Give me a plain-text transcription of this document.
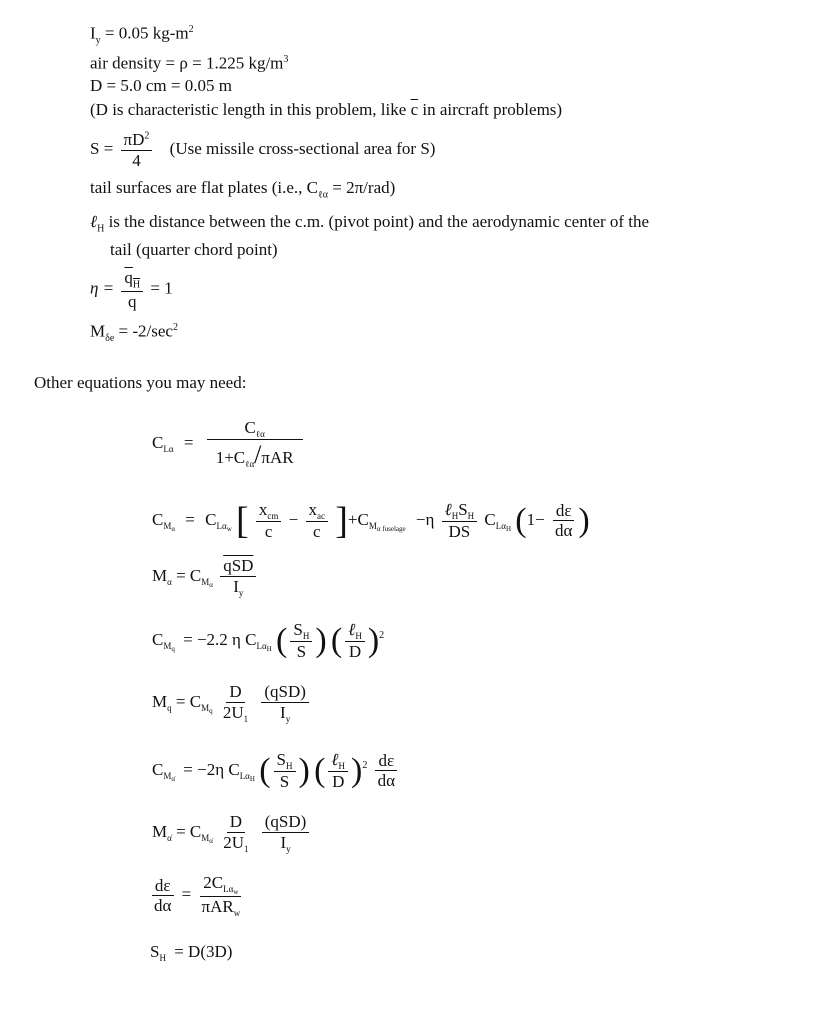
$I_y = 0.05$ $kg-m^2$
air density = ρ = 1.225 $kg/m^3$
D = 5.0 cm = 0.05 m
(D is characteristic length in this problem, like $\overline{c}$ in aircraft problems)
$S = \frac{\pi D^2}{4} (Use$ missile cross-sectional area for S)
tail surfaces are flat plates (i.e., $C_{\ell\alpha} = 2\pi/rad$)
ℓ$_H$ is the distance between the c.m. (pivot point) and the aerodynamic center of the
tail (quarter chord point)
$\eta = \frac{q_H}{q} = 1$
$M_{\delta e} = -2/\sec^2$
Other equations you may need:
$C_{L\alpha} = \frac{C_{\ell\alpha}}{1+C_{\ell\alpha}/\pi AR}$
$C_{M\alpha} = C_{L\alpha w}$ [ $\frac{x_{cm}}{c} - \frac{x_{ac}}{c} ]+C_{M\alpha fuselage} -\eta \frac{\ell_HS_H}{DS} C_{L\alpha H}$ ($1- \frac{d\varepsilon}{d\alpha}$ )
$M_\alpha = C_{M\alpha} \frac{\overline{qSD}}{I_y}$
$C_{Mq} = -2.2$ η $C_{L\alpha H}$ ( $\frac{S_H}{S}$ ) ( $\frac{\ell_H}{D} )^2$
$M_q = C_{Mq} \frac{D}{2U_1}$
$\frac{\text{(qSD)}}{I_y}$
$C_{M\alphȧ} = -2\eta$ $C_{L\alpha H}$ ( $\frac{S_H}{S}$ ) ( $\frac{\ell_H}{D} )^2 \frac{d\varepsilon}{d\alpha}$
$M_{\alphȧ} = C_{M\alphȧ} \frac{D}{2U_1}$
$\frac{\text{(qSD)}}{I_y}$
$\frac{d\varepsilon}{d\alpha} = \frac{2C_{L\alpha w}}{\pi AR_w}$
$S_H = D(3D)$
